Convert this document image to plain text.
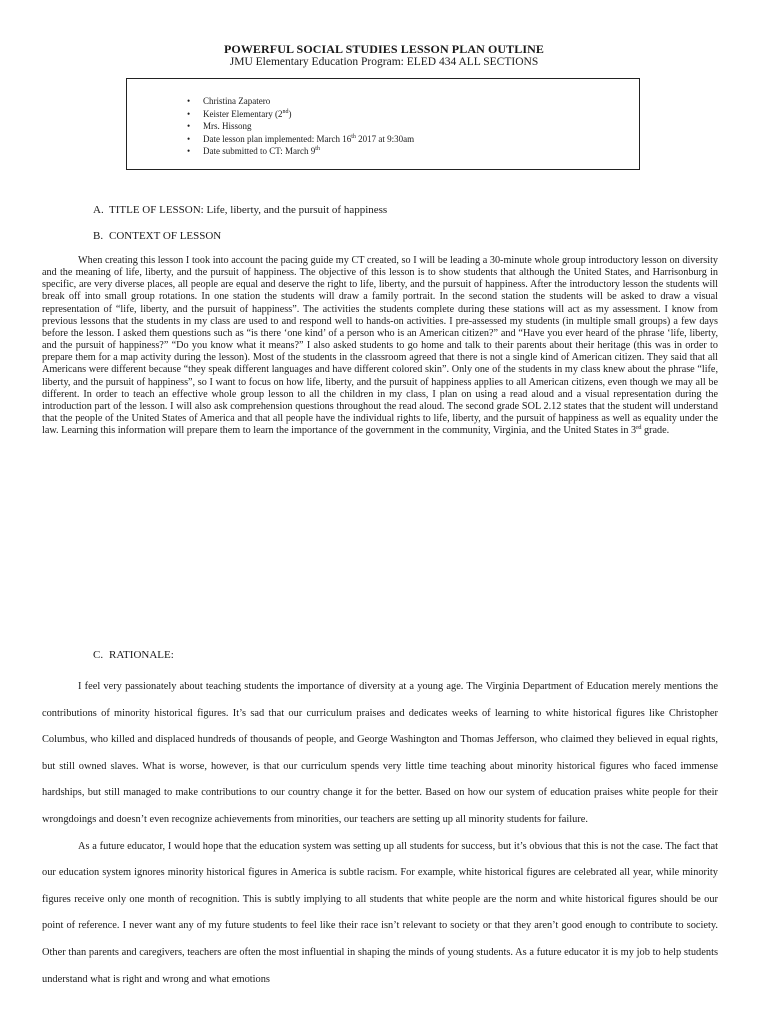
POWERFUL SOCIAL STUDIES LESSON PLAN OUTLINE
JMU Elementary Education Program: ELED 434 ALL SECTIONS
• Christina Zapatero
• Keister Elementary (2nd)
• Mrs. Hissong
• Date lesson plan implemented: March 16th 2017 at 9:30am
• Date submitted to CT: March 9th
A. TITLE OF LESSON: Life, liberty, and the pursuit of happiness
B. CONTEXT OF LESSON

When creating this lesson I took into account the pacing guide my CT created, so I will be leading a 30-minute whole group introductory lesson on diversity and the meaning of life, liberty, and the pursuit of happiness. The objective of this lesson is to show students that although the United States, and Harrisonburg in specific, are very diverse places, all people are equal and deserve the right to life, liberty, and the pursuit of happiness. After the introductory lesson the students will break off into small group rotations. In one station the students will draw a family portrait. In the second station the students will be asked to draw a visual representation of “life, liberty, and the pursuit of happiness”. The activities the students complete during these stations will act as my assessment. I know from previous lessons that the students in my class are used to and respond well to hands-on activities. I pre-assessed my students (in multiple small groups) a few days before the lesson. I asked them questions such as “is there ‘one kind’ of a person who is an American citizen?” and “Have you ever heard of the phrase ‘life, liberty, and the pursuit of happiness?” “Do you know what it means?” I also asked students to go home and talk to their parents about their heritage (this was in order to prepare them for a map activity during the lesson). Most of the students in the classroom agreed that there is not a single kind of American citizen. They said that all Americans were different because “they speak different languages and have different colored skin”. Only one of the students in my class knew about the phrase “life, liberty, and the pursuit of happiness”, so I want to focus on how life, liberty, and the pursuit of happiness applies to all American citizens, even though we may all be different. In order to teach an effective whole group lesson to all the children in my class, I plan on using a read aloud and a visual representation during the introduction part of the lesson. I will also ask comprehension questions throughout the read aloud. The second grade SOL 2.12 states that the student will understand that the people of the United States of America and that all people have the individual rights to life, liberty, and the pursuit of happiness as well as equality under the law. Learning this information will prepare them to learn the importance of the government in the community, Virginia, and the United States in 3rd grade.

C. RATIONALE:

I feel very passionately about teaching students the importance of diversity at a young age. The Virginia Department of Education merely mentions the contributions of minority historical figures. It’s sad that our curriculum praises and dedicates weeks of learning to white historical figures like Christopher Columbus, who killed and displaced hundreds of thousands of people, and George Washington and Thomas Jefferson, who claimed they believed in equal rights, but still owned slaves. What is worse, however, is that our curriculum spends very little time teaching about minority historical figures who faced immense hardships, but still managed to make contributions to our country change it for the better. Based on how our system of education praises white people for their wrongdoings and doesn’t even recognize achievements from minorities, our teachers are setting up all minority students for failure.

As a future educator, I would hope that the education system was setting up all students for success, but it’s obvious that this is not the case. The fact that our education system ignores minority historical figures in America is subtle racism. For example, white historical figures are celebrated all year, while minority figures receive only one month of recognition. This is subtly implying to all students that white people are the norm and white historical figures should be our point of reference. I never want any of my future students to feel like their race isn’t relevant to society or that they aren’t good enough to contribute to society. Other than parents and caregivers, teachers are often the most influential in shaping the minds of young students. As a future educator it is my job to help students understand what is right and wrong and what emotions
